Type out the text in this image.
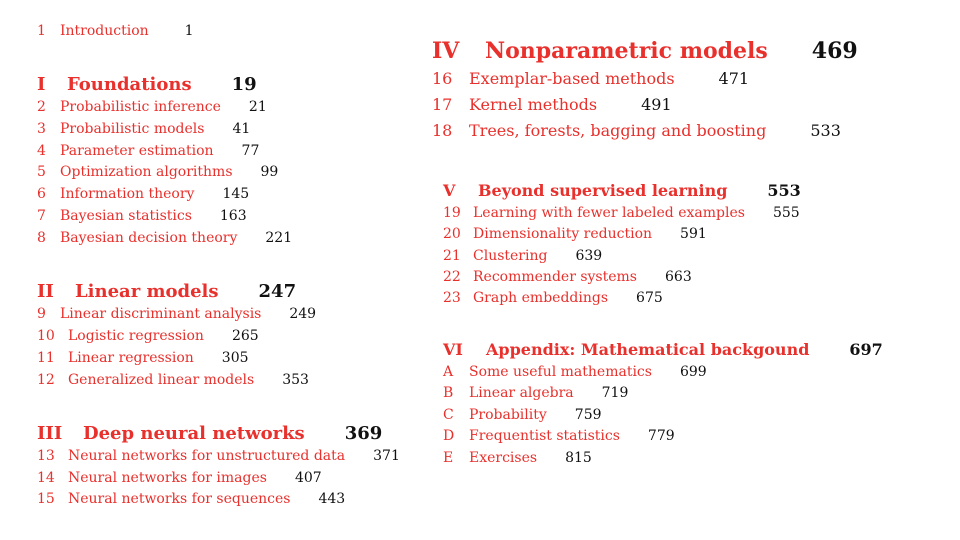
1	Introduction	1
I	Foundations 19
2	Probabilistic inference 21
3	Probabilistic models 41
4	Parameter estimation 77
5	Optimization algorithms 99
6	Information theory 145
7	Bayesian statistics 163
8	Bayesian decision theory 221
II	Linear models 247
9	Linear discriminant analysis 249
10 Logistic regression 265
11 Linear regression 305
12 Generalized linear models 353
III	Deep neural networks 369
13 Neural networks for unstructured data 371
14 Neural networks for images 407
15 Neural networks for sequences 443
IV	Nonparametric models 469
16	Exemplar-based methods	471
17	Kernel methods	491
18	Trees, forests, bagging and boosting	533
V	Beyond supervised learning	553
19 Learning with fewer labeled examples 555
20 Dimensionality reduction 591
21 Clustering 639
22 Recommender systems 663
23 Graph embeddings 675
VI	Appendix: Mathematical backgound	697
A	Some useful mathematics 699
B	Linear algebra 719
C	Probability 759
D	Frequentist statistics 779
E	Exercises 815
